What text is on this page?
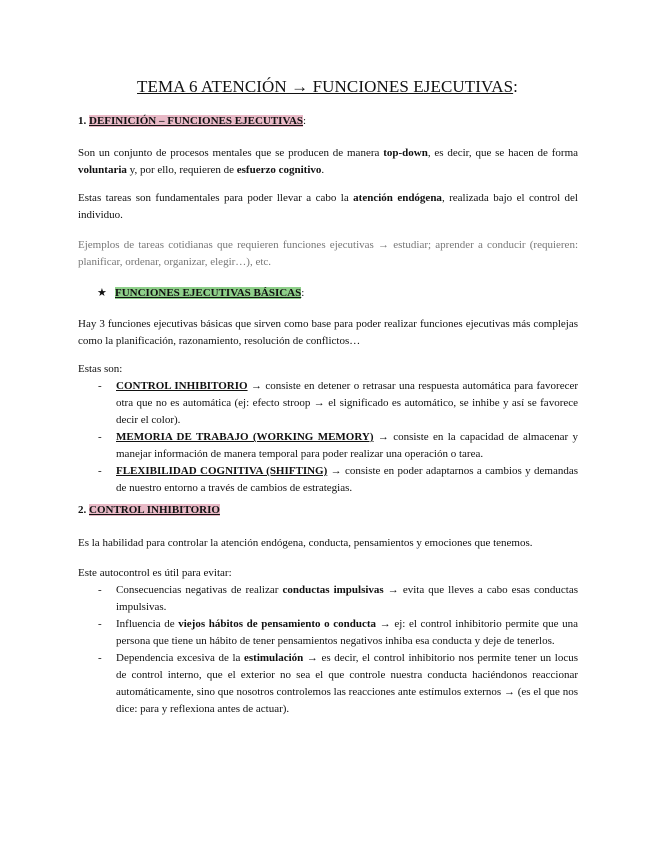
TEMA 6 ATENCIÓN → FUNCIONES EJECUTIVAS:
1. DEFINICIÓN – FUNCIONES EJECUTIVAS:
Son un conjunto de procesos mentales que se producen de manera top-down, es decir, que se hacen de forma voluntaria y, por ello, requieren de esfuerzo cognitivo.
Estas tareas son fundamentales para poder llevar a cabo la atención endógena, realizada bajo el control del individuo.
Ejemplos de tareas cotidianas que requieren funciones ejecutivas → estudiar; aprender a conducir (requieren: planificar, ordenar, organizar, elegir…), etc.
★ FUNCIONES EJECUTIVAS BÁSICAS:
Hay 3 funciones ejecutivas básicas que sirven como base para poder realizar funciones ejecutivas más complejas como la planificación, razonamiento, resolución de conflictos…
Estas son:
- CONTROL INHIBITORIO → consiste en detener o retrasar una respuesta automática para favorecer otra que no es automática (ej: efecto stroop → el significado es automático, se inhibe y así se favorece decir el color).
- MEMORIA DE TRABAJO (WORKING MEMORY) → consiste en la capacidad de almacenar y manejar información de manera temporal para poder realizar una operación o tarea.
- FLEXIBILIDAD COGNITIVA (SHIFTING) → consiste en poder adaptarnos a cambios y demandas de nuestro entorno a través de cambios de estrategias.
2. CONTROL INHIBITORIO
Es la habilidad para controlar la atención endógena, conducta, pensamientos y emociones que tenemos.
Este autocontrol es útil para evitar:
- Consecuencias negativas de realizar conductas impulsivas → evita que lleves a cabo esas conductas impulsivas.
- Influencia de viejos hábitos de pensamiento o conducta → ej: el control inhibitorio permite que una persona que tiene un hábito de tener pensamientos negativos inhiba esa conducta y deje de tenerlos.
- Dependencia excesiva de la estimulación → es decir, el control inhibitorio nos permite tener un locus de control interno, que el exterior no sea el que controle nuestra conducta haciéndonos reaccionar automáticamente, sino que nosotros controlemos las reacciones ante estímulos externos → (es el que nos dice: para y reflexiona antes de actuar).
